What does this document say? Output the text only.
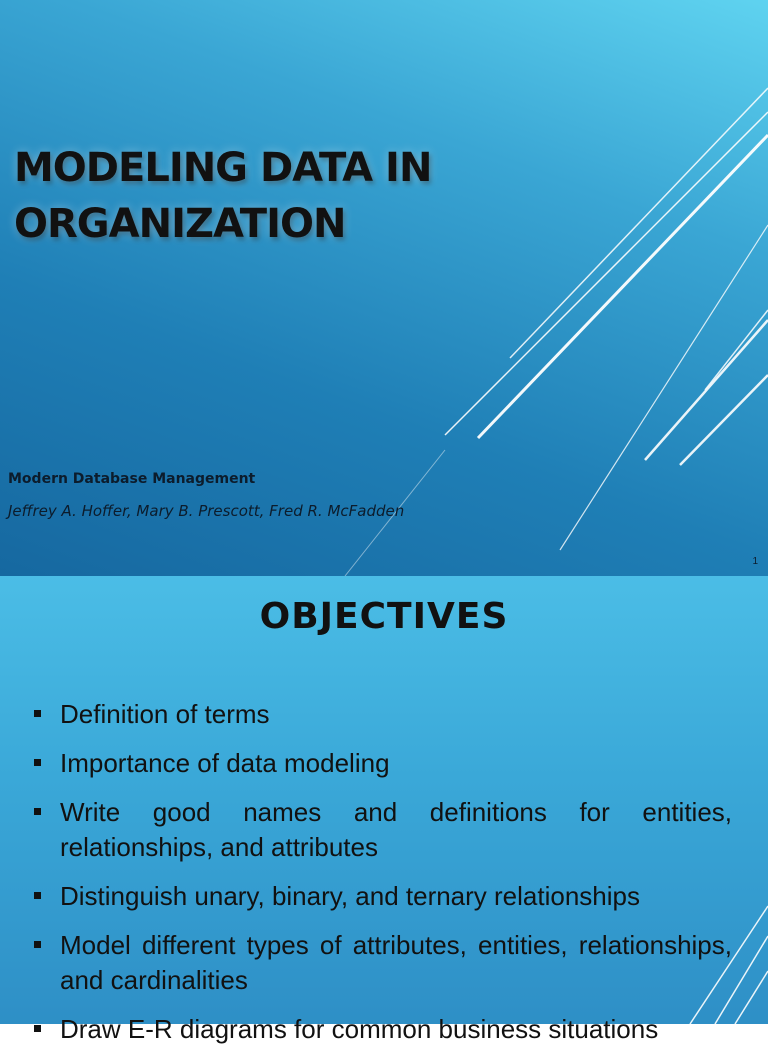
MODELING DATA IN
ORGANIZATION
Modern Database Management
Jeffrey A. Hoffer, Mary B. Prescott, Fred R. McFadden
1
OBJECTIVES
Definition of terms
Importance of data modeling
Write good names and definitions for entities, relationships, and attributes
Distinguish unary, binary, and ternary relationships
Model different types of attributes, entities, relationships, and cardinalities
Draw E-R diagrams for common business situations
